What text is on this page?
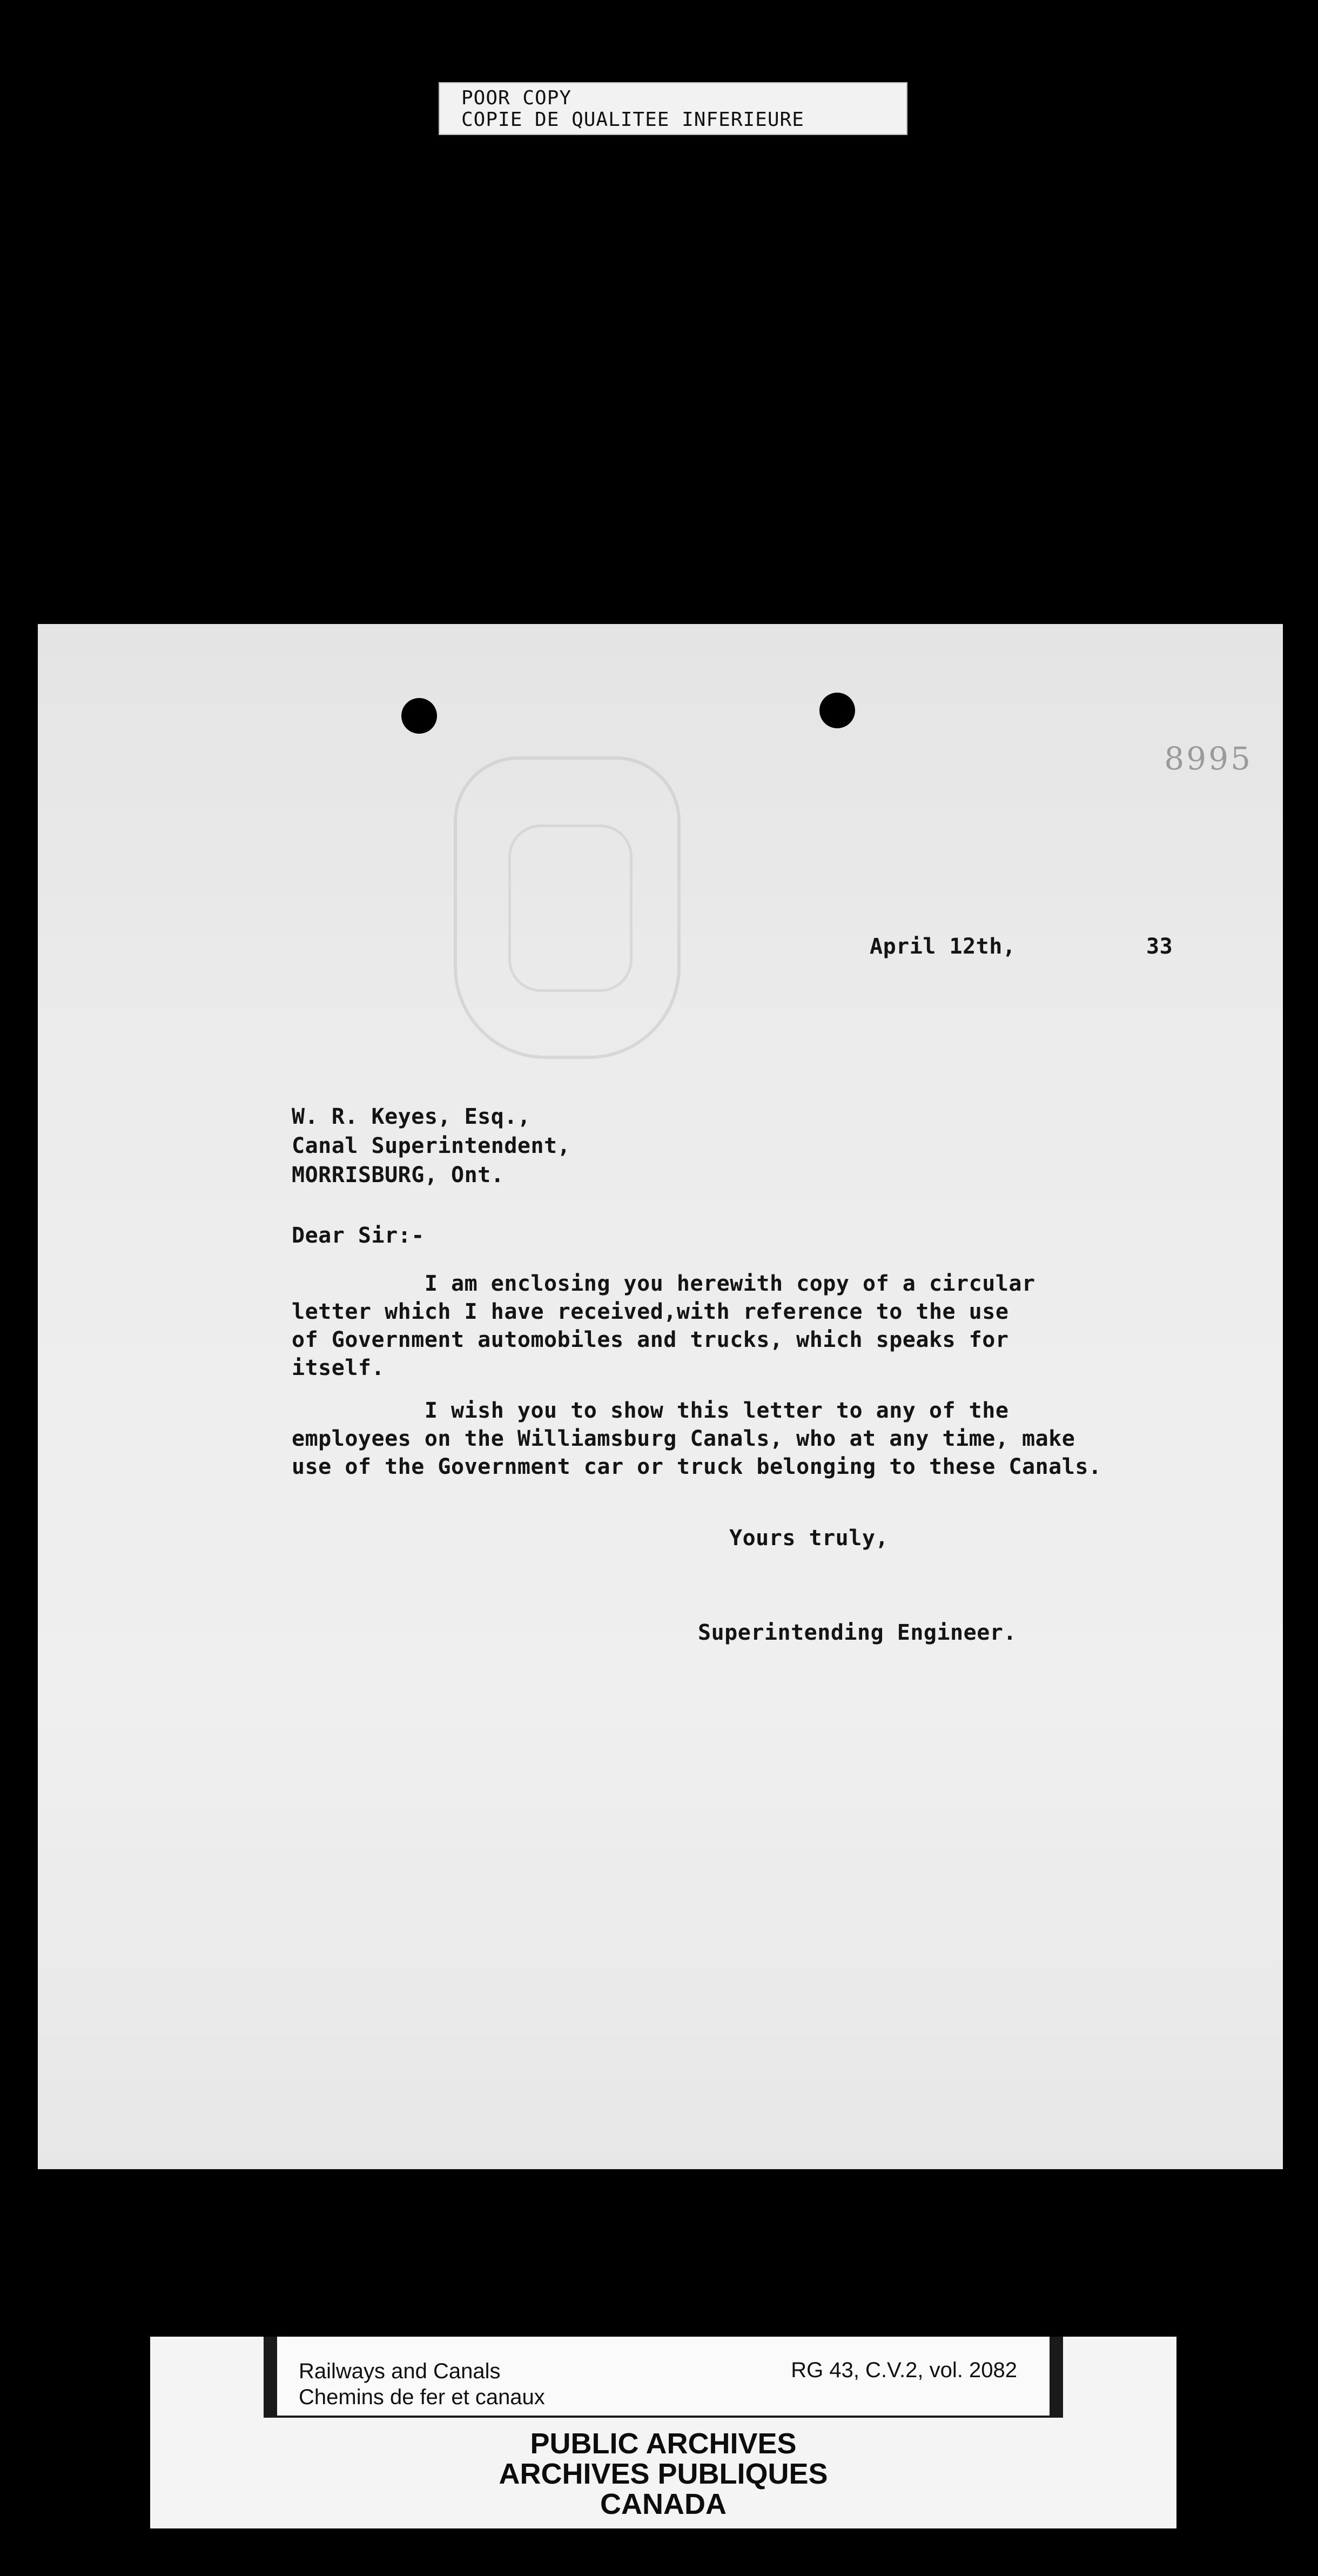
POOR COPY
COPIE DE QUALITEE INFERIEURE
8995
April 12th,	33
W. R. Keyes, Esq.,
Canal Superintendent,
MORRISBURG, Ont.
Dear Sir:-
I am enclosing you herewith copy of a circular
letter which I have received,with reference to the use
of Government automobiles and trucks, which speaks for
itself.
I wish you to show this letter to any of the
employees on the Williamsburg Canals, who at any time, make
use of the Government car or truck belonging to these Canals.
Yours truly,
Superintending Engineer.
Railways and Canals
Chemins de fer et canaux
RG 43, C.V.2, vol. 2082
PUBLIC ARCHIVES
ARCHIVES PUBLIQUES
CANADA
